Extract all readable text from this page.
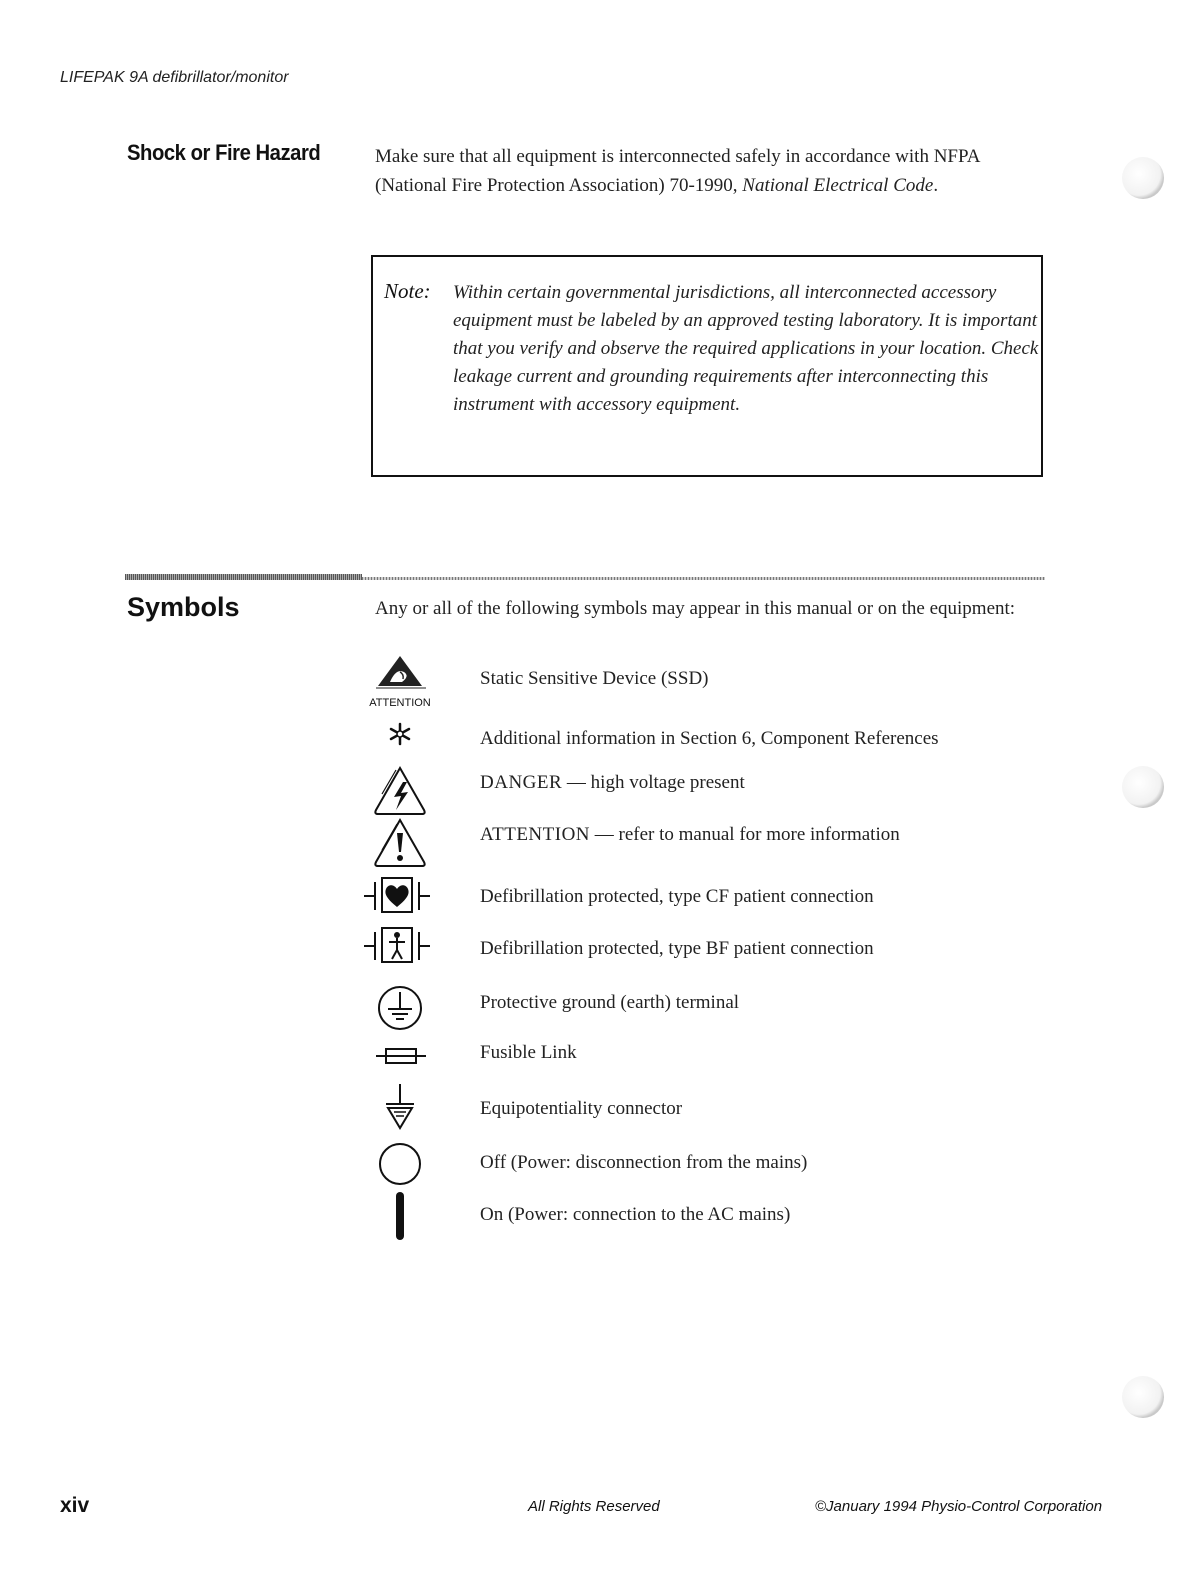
LIFEPAK 9A defibrillator/monitor
Shock or Fire Hazard	Make sure that all equipment is interconnected safely in accordance with NFPA (National Fire Protection Association) 70-1990, National Electrical Code.
Note: Within certain governmental jurisdictions, all interconnected accessory equipment must be labeled by an approved testing laboratory. It is important that you verify and observe the required applications in your location. Check leakage current and grounding requirements after interconnecting this instrument with accessory equipment.
Symbols	Any or all of the following symbols may appear in this manual or on the equipment:
ATTENTION
Static Sensitive Device (SSD)
Additional information in Section 6, Component References
DANGER — high voltage present
ATTENTION — refer to manual for more information
Defibrillation protected, type CF patient connection
Defibrillation protected, type BF patient connection
Protective ground (earth) terminal
Fusible Link
Equipotentiality connector
Off (Power: disconnection from the mains)
On (Power: connection to the AC mains)
xiv	All Rights Reserved	©January 1994 Physio-Control Corporation
